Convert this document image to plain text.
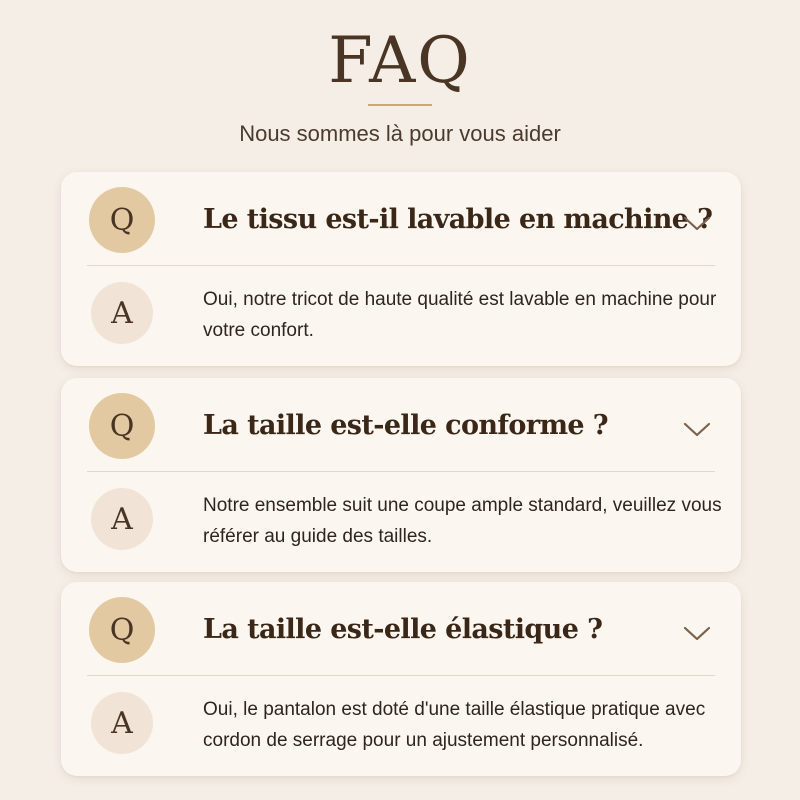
FAQ
Nous sommes là pour vous aider
Q	Le tissu est-il lavable en machine ?
A	Oui, notre tricot de haute qualité est lavable en machine pour votre confort.
Q	La taille est-elle conforme ?
A	Notre ensemble suit une coupe ample standard, veuillez vous référer au guide des tailles.
Q	La taille est-elle élastique ?
A	Oui, le pantalon est doté d'une taille élastique pratique avec cordon de serrage pour un ajustement personnalisé.
